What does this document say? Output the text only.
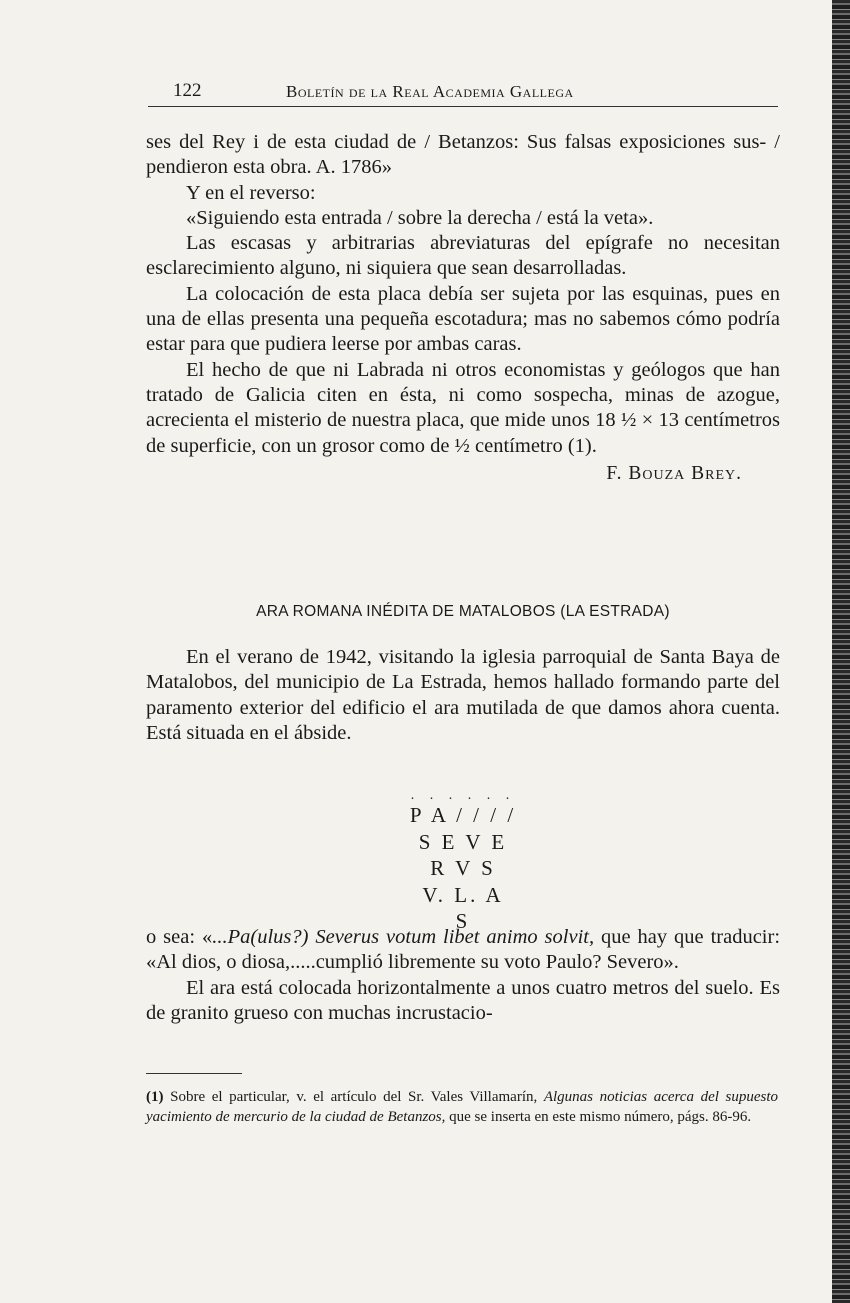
122	Boletín de la Real Academia Gallega

ses del Rey i de esta ciudad de / Betanzos: Sus falsas exposiciones sus- / pendieron esta obra. A. 1786»

Y en el reverso:

«Siguiendo esta entrada / sobre la derecha / está la veta».

Las escasas y arbitrarias abreviaturas del epígrafe no necesitan esclarecimiento alguno, ni siquiera que sean desarrolladas.

La colocación de esta placa debía ser sujeta por las esquinas, pues en una de ellas presenta una pequeña escotadura; mas no sabemos cómo podría estar para que pudiera leerse por ambas caras.

El hecho de que ni Labrada ni otros economistas y geólogos que han tratado de Galicia citen en ésta, ni como sospecha, minas de azogue, acrecienta el misterio de nuestra placa, que mide unos 18 ½ × 13 centímetros de superficie, con un grosor como de ½ centímetro (1).

F. Bouza Brey.

ARA ROMANA INÉDITA DE MATALOBOS (LA ESTRADA)

En el verano de 1942, visitando la iglesia parroquial de Santa Baya de Matalobos, del municipio de La Estrada, hemos hallado formando parte del paramento exterior del edificio el ara mutilada de que damos ahora cuenta. Está situada en el ábside.

. . . . . .
P A / / / /
S E V E
R V S
V. L. A
S

o sea: «...Pa(ulus?) Severus votum libet animo solvit, que hay que traducir: «Al dios, o diosa,.....cumplió libremente su voto Paulo? Severo».

El ara está colocada horizontalmente a unos cuatro metros del suelo. Es de granito grueso con muchas incrustacio-

(1) Sobre el particular, v. el artículo del Sr. Vales Villamarín, Algunas noticias acerca del supuesto yacimiento de mercurio de la ciudad de Betanzos, que se inserta en este mismo número, págs. 86-96.
